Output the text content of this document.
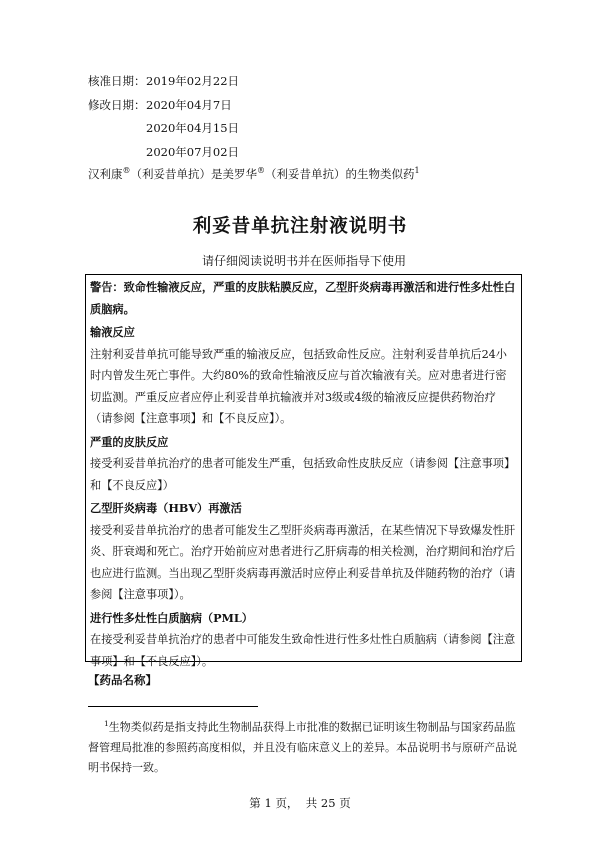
核准日期：2019年02月22日
修改日期：2020年04月7日
2020年04月15日
2020年07月02日
汉利康®（利妥昔单抗）是美罗华®（利妥昔单抗）的生物类似药$^1$
利妥昔单抗注射液说明书
请仔细阅读说明书并在医师指导下使用

警告：致命性输液反应，严重的皮肤粘膜反应，乙型肝炎病毒再激活和进行性多灶性白质脑病。

输液反应

注射利妥昔单抗可能导致严重的输液反应，包括致命性反应。注射利妥昔单抗后24小时内曾发生死亡事件。大约80%的致命性输液反应与首次输液有关。应对患者进行密切监测。严重反应者应停止利妥昔单抗输液并对3级或4级的输液反应提供药物治疗（请参阅【注意事项】和【不良反应】）。

严重的皮肤反应

接受利妥昔单抗治疗的患者可能发生严重，包括致命性皮肤反应（请参阅【注意事项】和【不良反应】）

乙型肝炎病毒（HBV）再激活

接受利妥昔单抗治疗的患者可能发生乙型肝炎病毒再激活，在某些情况下导致爆发性肝炎、肝衰竭和死亡。治疗开始前应对患者进行乙肝病毒的相关检测，治疗期间和治疗后也应进行监测。当出现乙型肝炎病毒再激活时应停止利妥昔单抗及伴随药物的治疗（请参阅【注意事项】）。

进行性多灶性白质脑病（PML）

在接受利妥昔单抗治疗的患者中可能发生致命性进行性多灶性白质脑病（请参阅【注意事项】和【不良反应】）。

【药品名称】
$^1$生物类似药是指支持此生物制品获得上市批准的数据已证明该生物制品与国家药品监督管理局批准的参照药高度相似，并且没有临床意义上的差异。本品说明书与原研产品说明书保持一致。
第 1 页，  共 25 页
